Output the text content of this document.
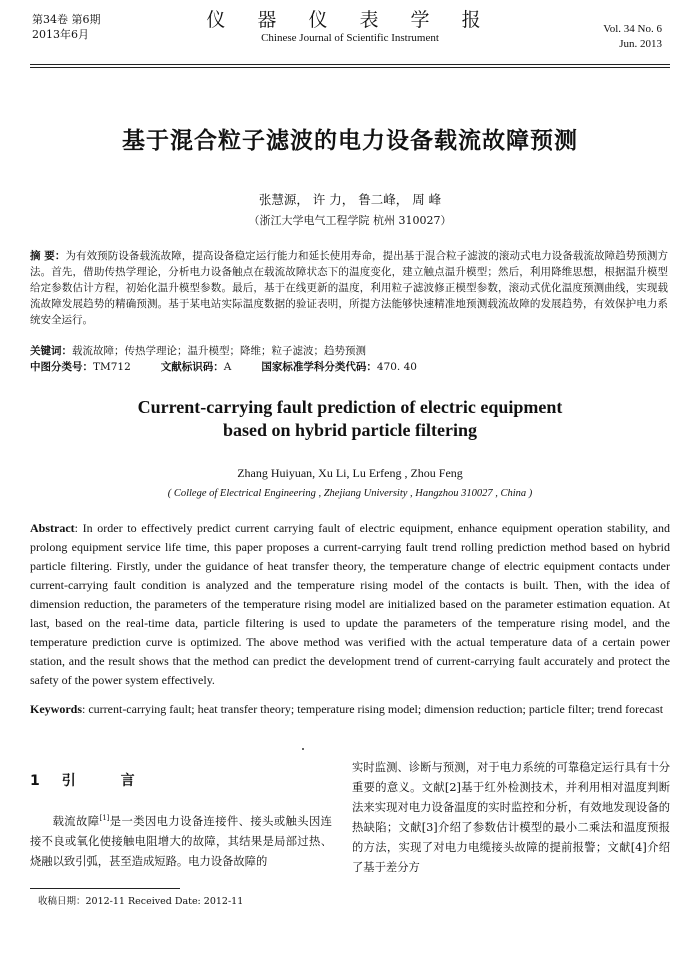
第34卷 第6期
2013年6月
仪 器 仪 表 学 报
Chinese Journal of Scientific Instrument
Vol. 34 No. 6
Jun. 2013
基于混合粒子滤波的电力设备载流故障预测
张慧源， 许 力， 鲁二峰， 周 峰
（浙江大学电气工程学院 杭州 310027）
摘 要：为有效预防设备载流故障，提高设备稳定运行能力和延长使用寿命，提出基于混合粒子滤波的滚动式电力设备载流故障趋势预测方法。首先，借助传热学理论，分析电力设备触点在载流故障状态下的温度变化，建立触点温升模型；然后，利用降维思想，根据温升模型给定参数估计方程，初始化温升模型参数。最后，基于在线更新的温度，利用粒子滤波修正模型参数，滚动式优化温度预测曲线，实现载流故障发展趋势的精确预测。基于某电站实际温度数据的验证表明，所提方法能够快速精准地预测载流故障的发展趋势，有效保护电力系统安全运行。
关键词：载流故障；传热学理论；温升模型；降维；粒子滤波；趋势预测
中图分类号：TM712	文献标识码：A	国家标准学科分类代码：470. 40
Current-carrying fault prediction of electric equipment
based on hybrid particle filtering
Zhang Huiyuan, Xu Li, Lu Erfeng , Zhou Feng
( College of Electrical Engineering , Zhejiang University , Hangzhou 310027 , China )
Abstract: In order to effectively predict current carrying fault of electric equipment, enhance equipment operation stability, and prolong equipment service life time, this paper proposes a current-carrying fault trend rolling prediction method based on hybrid particle filtering. Firstly, under the guidance of heat transfer theory, the temperature change of electric equipment contacts under current-carrying fault condition is analyzed and the temperature rising model of the contacts is built. Then, with the idea of dimension reduction, the parameters of the temperature rising model are initialized based on the parameter estimation equation. At last, based on the real-time data, particle filtering is used to update the parameters of the temperature rising model, and the temperature prediction curve is optimized. The above method was verified with the actual temperature data of a certain power station, and the result shows that the method can predict the development trend of current-carrying fault accurately and protect the safety of the power system effectively.
Keywords: current-carrying fault; heat transfer theory; temperature rising model; dimension reduction; particle filter; trend forecast
1 引 言
载流故障[1]是一类因电力设备连接件、接头或触头因连接不良或氧化使接触电阻增大的故障，其结果是局部过热、烧融以致引弧，甚至造成短路。电力设备故障的
实时监测、诊断与预测，对于电力系统的可靠稳定运行具有十分重要的意义。文献[2]基于红外检测技术，并利用相对温度判断法来实现对电力设备温度的实时监控和分析，有效地发现设备的热缺陷；文献[3]介绍了参数估计模型的最小二乘法和温度预报的方法，实现了对电力电缆接头故障的提前报警；文献[4]介绍了基于差分方
收稿日期：2012-11 Received Date: 2012-11
